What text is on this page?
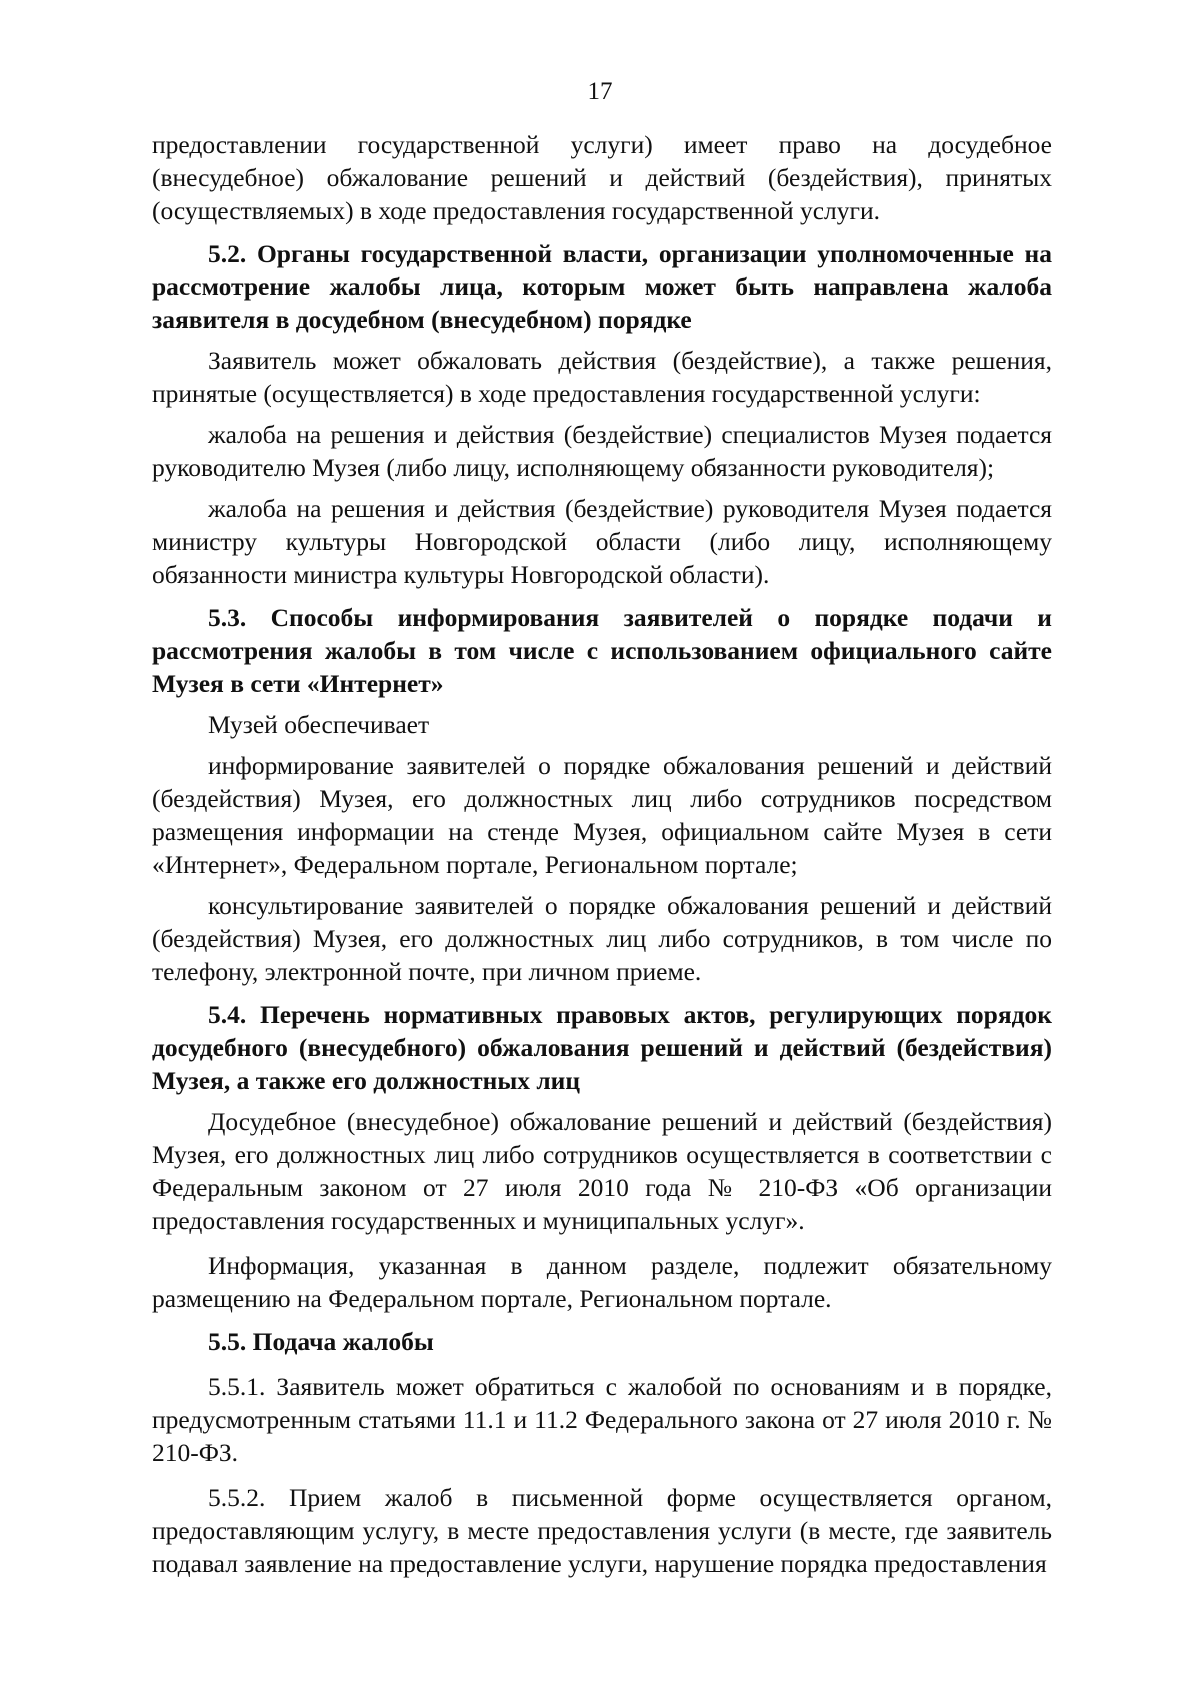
17

предоставлении государственной услуги) имеет право на досудебное (внесудебное) обжалование решений и действий (бездействия), принятых (осуществляемых) в ходе предоставления государственной услуги.

5.2. Органы государственной власти, организации уполномоченные на рассмотрение жалобы лица, которым может быть направлена жалоба заявителя в досудебном (внесудебном) порядке

Заявитель может обжаловать действия (бездействие), а также решения, принятые (осуществляется) в ходе предоставления государственной услуги:

жалоба на решения и действия (бездействие) специалистов Музея подается руководителю Музея (либо лицу, исполняющему обязанности руководителя);

жалоба на решения и действия (бездействие) руководителя Музея подается министру культуры Новгородской области (либо лицу, исполняющему обязанности министра культуры Новгородской области).

5.3. Способы информирования заявителей о порядке подачи и рассмотрения жалобы в том числе с использованием официального сайте Музея в сети «Интернет»

Музей обеспечивает

информирование заявителей о порядке обжалования решений и действий (бездействия) Музея, его должностных лиц либо сотрудников посредством размещения информации на стенде Музея, официальном сайте Музея в сети «Интернет», Федеральном портале, Региональном портале;

консультирование заявителей о порядке обжалования решений и действий (бездействия) Музея, его должностных лиц либо сотрудников, в том числе по телефону, электронной почте, при личном приеме.

5.4. Перечень нормативных правовых актов, регулирующих порядок досудебного (внесудебного) обжалования решений и действий (бездействия) Музея, а также его должностных лиц

Досудебное (внесудебное) обжалование решений и действий (бездействия) Музея, его должностных лиц либо сотрудников осуществляется в соответствии с Федеральным законом от 27 июля 2010 года № 210-ФЗ «Об организации предоставления государственных и муниципальных услуг».

Информация, указанная в данном разделе, подлежит обязательному размещению на Федеральном портале, Региональном портале.

5.5. Подача жалобы

5.5.1. Заявитель может обратиться с жалобой по основаниям и в порядке, предусмотренным статьями 11.1 и 11.2 Федерального закона от 27 июля 2010 г. № 210-ФЗ.

5.5.2. Прием жалоб в письменной форме осуществляется органом, предоставляющим услугу, в месте предоставления услуги (в месте, где заявитель подавал заявление на предоставление услуги, нарушение порядка предоставления
